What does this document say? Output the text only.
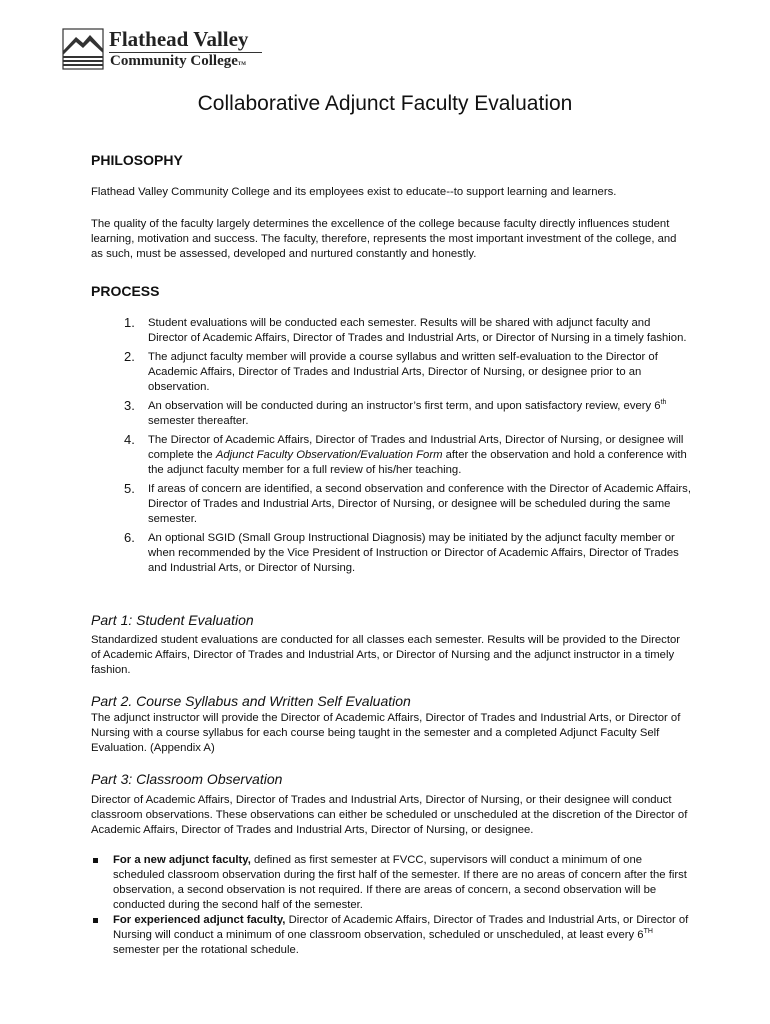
Flathead Valley
Community CollegeTM
Collaborative Adjunct Faculty Evaluation
PHILOSOPHY
Flathead Valley Community College and its employees exist to educate--to support learning and learners.
The quality of the faculty largely determines the excellence of the college because faculty directly influences student learning, motivation and success. The faculty, therefore, represents the most important investment of the college, and as such, must be assessed, developed and nurtured constantly and honestly.
PROCESS
1. Student evaluations will be conducted each semester. Results will be shared with adjunct faculty and Director of Academic Affairs, Director of Trades and Industrial Arts, or Director of Nursing in a timely fashion.
2. The adjunct faculty member will provide a course syllabus and written self-evaluation to the Director of Academic Affairs, Director of Trades and Industrial Arts, Director of Nursing, or designee prior to an observation.
3. An observation will be conducted during an instructor’s first term, and upon satisfactory review, every 6th semester thereafter.
4. The Director of Academic Affairs, Director of Trades and Industrial Arts, Director of Nursing, or designee will complete the Adjunct Faculty Observation/Evaluation Form after the observation and hold a conference with the adjunct faculty member for a full review of his/her teaching.
5. If areas of concern are identified, a second observation and conference with the Director of Academic Affairs, Director of Trades and Industrial Arts, Director of Nursing, or designee will be scheduled during the same semester.
6. An optional SGID (Small Group Instructional Diagnosis) may be initiated by the adjunct faculty member or when recommended by the Vice President of Instruction or Director of Academic Affairs, Director of Trades and Industrial Arts, or Director of Nursing.
Part 1: Student Evaluation
Standardized student evaluations are conducted for all classes each semester. Results will be provided to the Director of Academic Affairs, Director of Trades and Industrial Arts, or Director of Nursing and the adjunct instructor in a timely fashion.
Part 2. Course Syllabus and Written Self Evaluation
The adjunct instructor will provide the Director of Academic Affairs, Director of Trades and Industrial Arts, or Director of Nursing with a course syllabus for each course being taught in the semester and a completed Adjunct Faculty Self Evaluation. (Appendix A)
Part 3: Classroom Observation
Director of Academic Affairs, Director of Trades and Industrial Arts, Director of Nursing, or their designee will conduct classroom observations. These observations can either be scheduled or unscheduled at the discretion of the Director of Academic Affairs, Director of Trades and Industrial Arts, Director of Nursing, or designee.
For a new adjunct faculty, defined as first semester at FVCC, supervisors will conduct a minimum of one scheduled classroom observation during the first half of the semester. If there are no areas of concern after the first observation, a second observation is not required. If there are areas of concern, a second observation will be conducted during the second half of the semester.
For experienced adjunct faculty, Director of Academic Affairs, Director of Trades and Industrial Arts, or Director of Nursing will conduct a minimum of one classroom observation, scheduled or unscheduled, at least every 6TH semester per the rotational schedule.
